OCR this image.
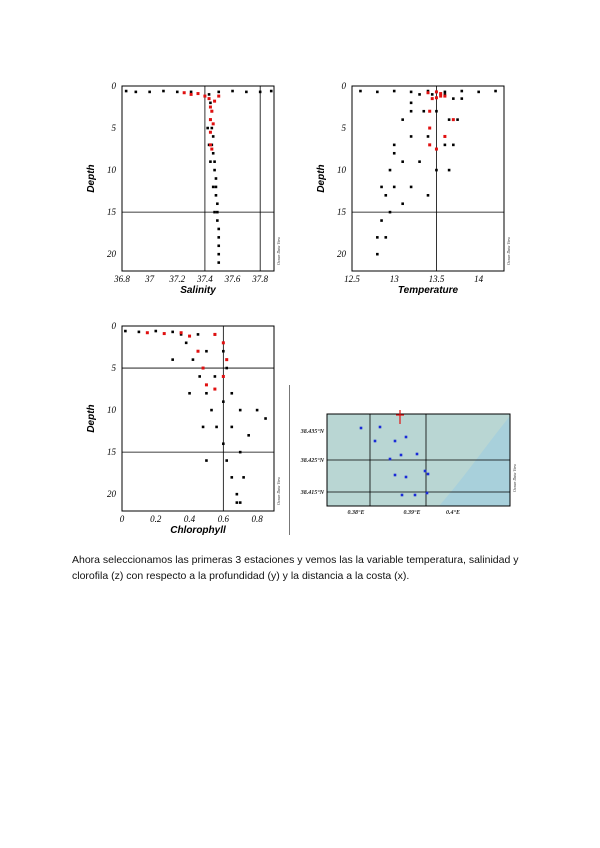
36.8 37 37.2 37.4 37.6 37.8
0
5
10
15
20
Salinity
Depth
Ocean Data View
12.5	13	13.5	14
0
5
10
15
20
Temperature
Depth
Ocean Data View
0	0.2	0.4	0.6	0.8
0
5
10
15
20
Chlorophyll
Depth
Ocean Data View
38.435°N
38.425°N
38.415°N
0.38°E	0.39°E	0.4°E
Ocean Data View

Ahora seleccionamos las primeras 3 estaciones y vemos las la variable temperatura, salinidad y clorofila (z) con respecto a la profundidad (y) y la distancia a la costa (x).
